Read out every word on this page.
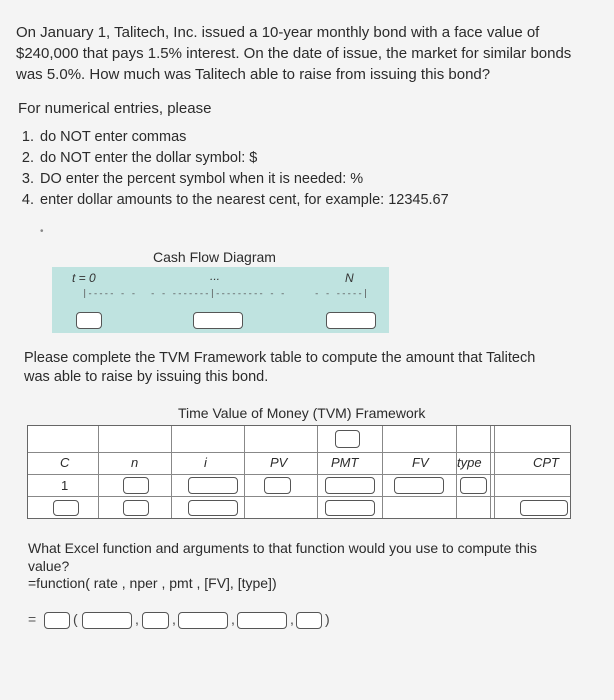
On January 1, Talitech, Inc. issued a 10-year monthly bond with a face value of $240,000 that pays 1.5% interest. On the date of issue, the market for similar bonds was 5.0%. How much was Talitech able to raise from issuing this bond?
For numerical entries, please
1. do NOT enter commas
2. do NOT enter the dollar symbol: $
3. DO enter the percent symbol when it is needed: %
4. enter dollar amounts to the nearest cent, for example: 12345.67
•
Cash Flow Diagram
t = 0	...	N
|----- - - - - -------|--------- - -	- - -----|
Please complete the TVM Framework table to compute the amount that Talitech was able to raise by issuing this bond.
Time Value of Money (TVM) Framework
C	n	i	PV	PMT	FV type	CPT
1
What Excel function and arguments to that function would you use to compute this value?
=function( rate , nper , pmt , [FV], [type])
=	(	, ,	,	, )
